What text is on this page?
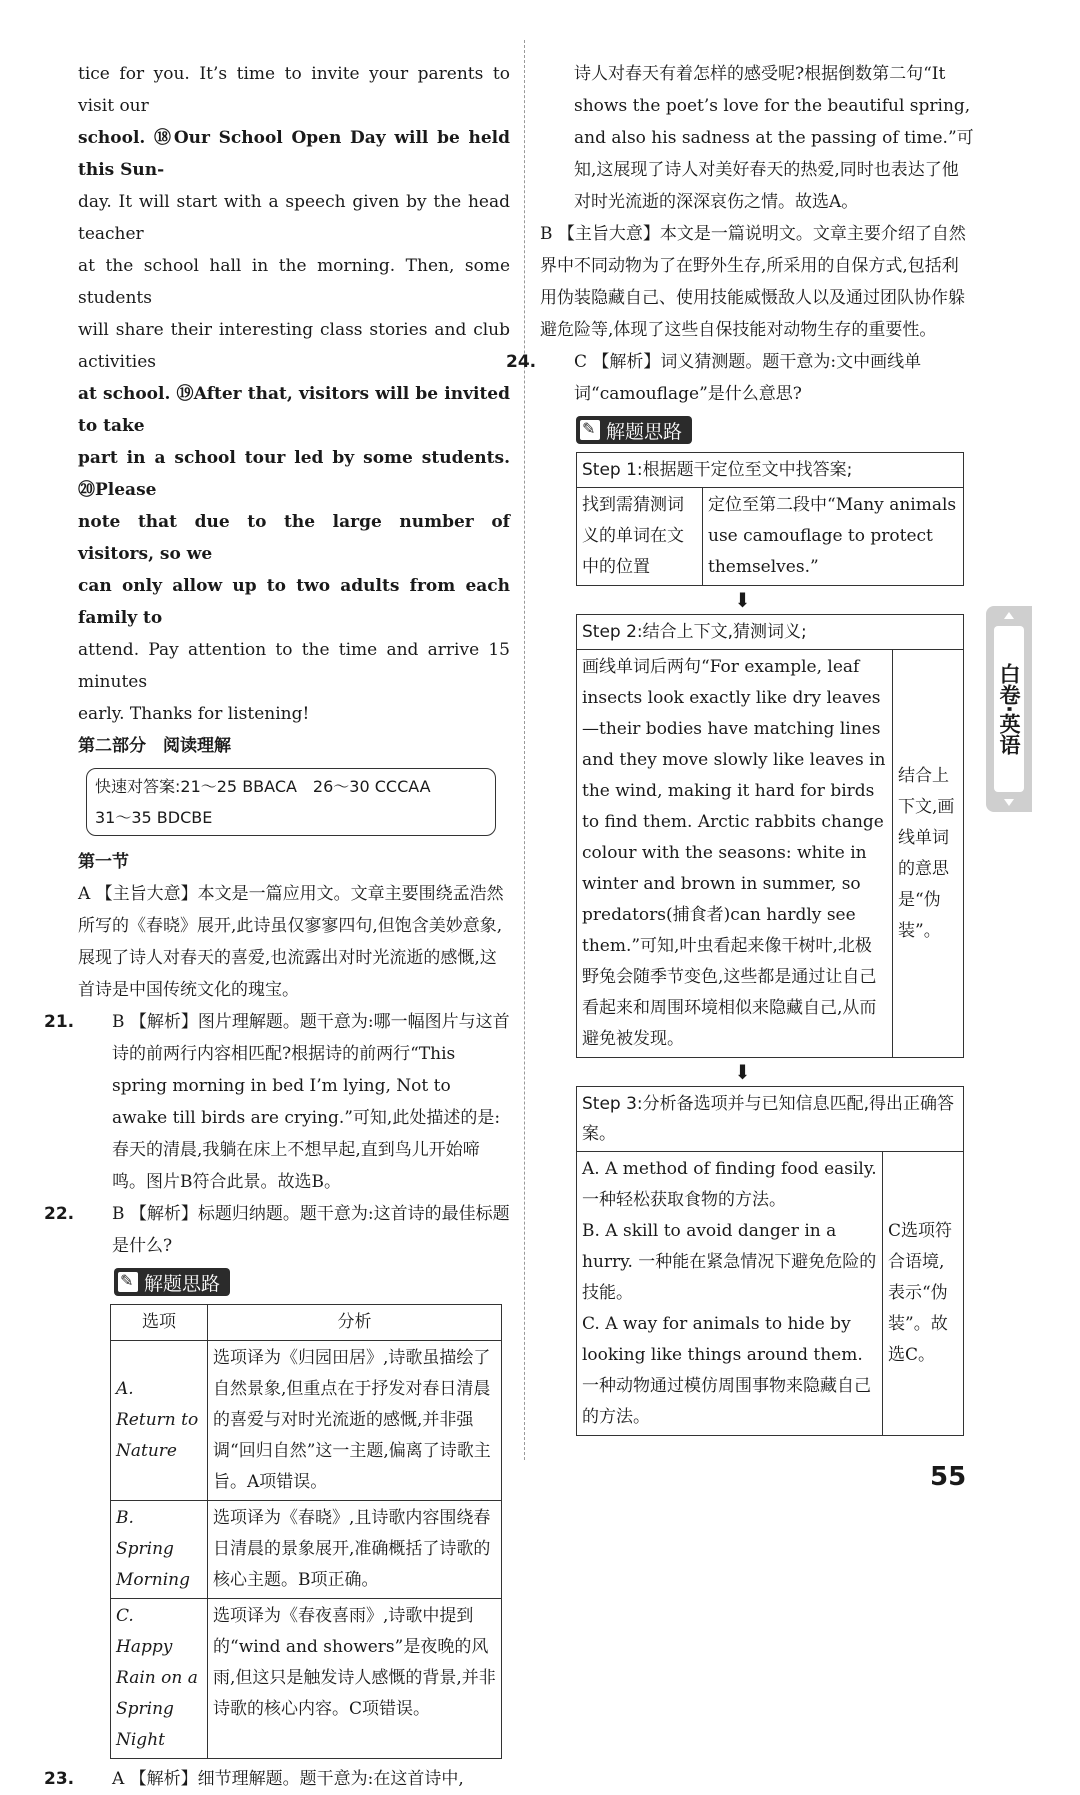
tice for you. It’s time to invite your parents to visit our

school. ⑱Our School Open Day will be held this Sun-

day. It will start with a speech given by the head teacher

at the school hall in the morning. Then, some students

will share their interesting class stories and club activities

at school. ⑲After that, visitors will be invited to take

part in a school tour led by some students. ⑳Please

note that due to the large number of visitors, so we

can only allow up to two adults from each family to

attend. Pay attention to the time and arrive 15 minutes

early. Thanks for listening!

第二部分　阅读理解

快速对答案:21～25 BBACA　26～30 CCCAA
31～35 BDCBE

第一节

A 【主旨大意】本文是一篇应用文。文章主要围绕孟浩然所写的《春晓》展开,此诗虽仅寥寥四句,但饱含美妙意象,展现了诗人对春天的喜爱,也流露出对时光流逝的感慨,这首诗是中国传统文化的瑰宝。

21. B 【解析】图片理解题。题干意为:哪一幅图片与这首诗的前两行内容相匹配?根据诗的前两行“This spring morning in bed I’m lying, Not to awake till birds are crying.”可知,此处描述的是:春天的清晨,我躺在床上不想早起,直到鸟儿开始啼鸣。图片B符合此景。故选B。

22. B 【解析】标题归纳题。题干意为:这首诗的最佳标题是什么?

✎
解题思路
选项	分析
A.　Return to Nature	选项译为《归园田居》,诗歌虽描绘了自然景象,但重点在于抒发对春日清晨的喜爱与对时光流逝的感慨,并非强调“回归自然”这一主题,偏离了诗歌主旨。A项错误。
B.　Spring Morning	选项译为《春晓》,且诗歌内容围绕春日清晨的景象展开,准确概括了诗歌的核心主题。B项正确。
C.　Happy Rain on a Spring Night	选项译为《春夜喜雨》,诗歌中提到的“wind and showers”是夜晚的风雨,但这只是触发诗人感慨的背景,并非诗歌的核心内容。C项错误。

23. A 【解析】细节理解题。题干意为:在这首诗中,

诗人对春天有着怎样的感受呢?根据倒数第二句“It shows the poet’s love for the beautiful spring, and also his sadness at the passing of time.”可知,这展现了诗人对美好春天的热爱,同时也表达了他对时光流逝的深深哀伤之情。故选A。

B 【主旨大意】本文是一篇说明文。文章主要介绍了自然界中不同动物为了在野外生存,所采用的自保方式,包括利用伪装隐藏自己、使用技能威慑敌人以及通过团队协作躲避危险等,体现了这些自保技能对动物生存的重要性。

24. C 【解析】词义猜测题。题干意为:文中画线单词“camouflage”是什么意思?

✎
解题思路
Step 1:根据题干定位至文中找答案;
找到需猜测词义的单词在文中的位置	定位至第二段中“Many animals use camouflage to protect themselves.”
⬇
Step 2:结合上下文,猜测词义;
画线单词后两句“For example, leaf insects look exactly like dry leaves—their bodies have matching lines and they move slowly like leaves in the wind, making it hard for birds to find them. Arctic rabbits change colour with the seasons: white in winter and brown in summer, so predators(捕食者)can hardly see them.”可知,叶虫看起来像干树叶,北极野兔会随季节变色,这些都是通过让自己看起来和周围环境相似来隐藏自己,从而避免被发现。	结合上下文,画线单词的意思是“伪装”。
⬇
Step 3:分析备选项并与已知信息匹配,得出正确答案。
A. A method of finding food easily. 一种轻松获取食物的方法。
B. A skill to avoid danger in a hurry. 一种能在紧急情况下避免危险的技能。
C. A way for animals to hide by looking like things around them. 一种动物通过模仿周围事物来隐藏自己的方法。
	C选项符合语境,表示“伪装”。故选C。
白卷·英语
55
